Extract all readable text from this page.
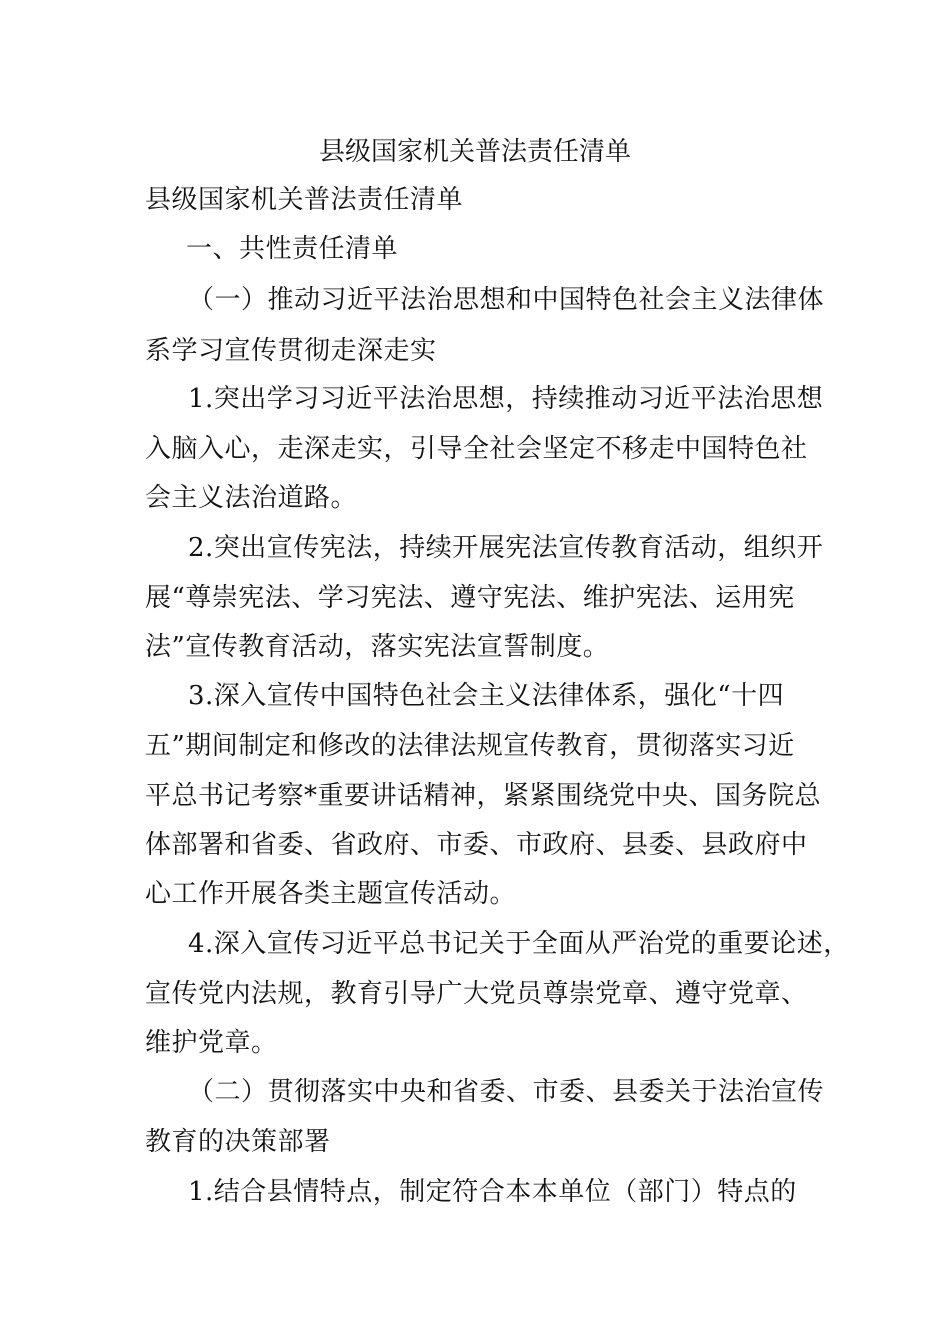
县级国家机关普法责任清单
县级国家机关普法责任清单
一、共性责任清单
（一）推动习近平法治思想和中国特色社会主义法律体
系学习宣传贯彻走深走实
1.突出学习习近平法治思想，持续推动习近平法治思想
入脑入心，走深走实，引导全社会坚定不移走中国特色社
会主义法治道路。
2.突出宣传宪法，持续开展宪法宣传教育活动，组织开
展“尊崇宪法、学习宪法、遵守宪法、维护宪法、运用宪
法”宣传教育活动，落实宪法宣誓制度。
3.深入宣传中国特色社会主义法律体系，强化“十四
五”期间制定和修改的法律法规宣传教育，贯彻落实习近
平总书记考察*重要讲话精神，紧紧围绕党中央、国务院总
体部署和省委、省政府、市委、市政府、县委、县政府中
心工作开展各类主题宣传活动。
4.深入宣传习近平总书记关于全面从严治党的重要论述，
宣传党内法规，教育引导广大党员尊崇党章、遵守党章、
维护党章。
（二）贯彻落实中央和省委、市委、县委关于法治宣传
教育的决策部署
1.结合县情特点，制定符合本本单位（部门）特点的
